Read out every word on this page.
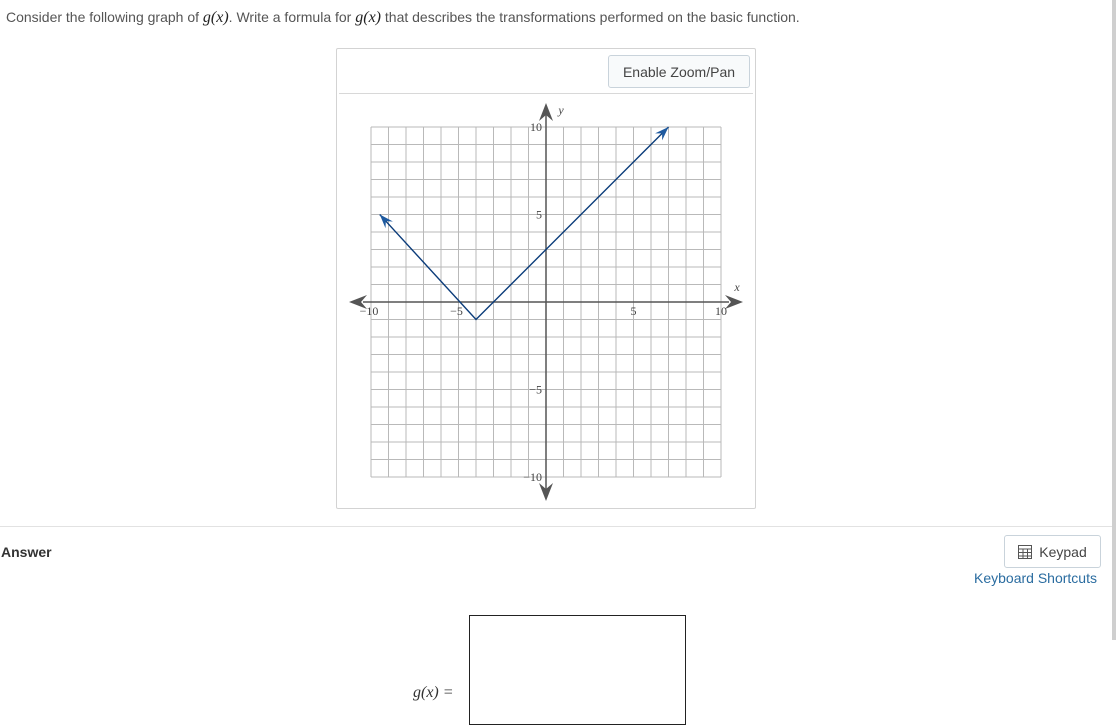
Consider the following graph of g(x). Write a formula for g(x) that describes the transformations performed on the basic function.
Enable Zoom/Pan
−10	−5	5	10
10
5
−5
−10
x
y
Answer	Keypad
Keyboard Shortcuts
g(x) =
